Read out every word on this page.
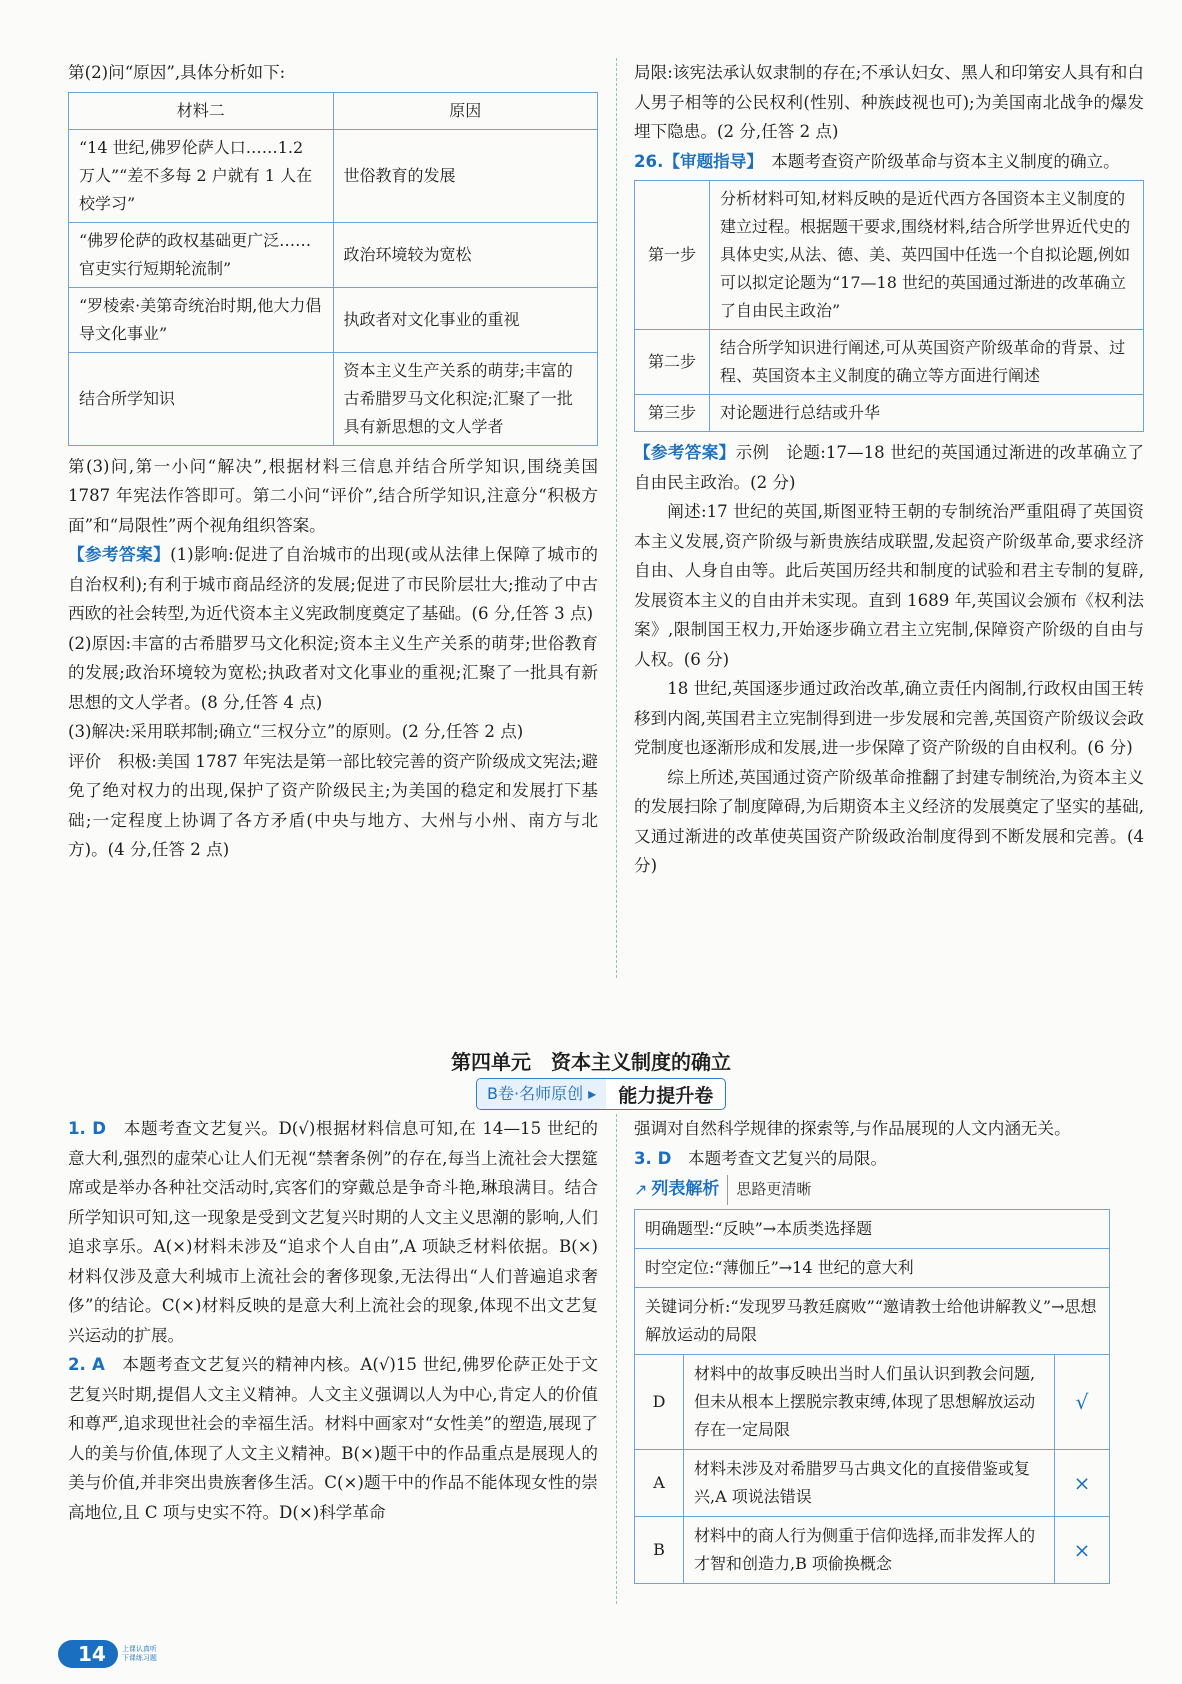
第(2)问“原因”,具体分析如下:

材料二	原因
“14 世纪,佛罗伦萨人口……1.2 万人”“差不多每 2 户就有 1 人在校学习”	世俗教育的发展
“佛罗伦萨的政权基础更广泛……官吏实行短期轮流制”	政治环境较为宽松
“罗棱索·美第奇统治时期,他大力倡导文化事业”	执政者对文化事业的重视
结合所学知识	资本主义生产关系的萌芽;丰富的古希腊罗马文化积淀;汇聚了一批具有新思想的文人学者

第(3)问,第一小问“解决”,根据材料三信息并结合所学知识,围绕美国 1787 年宪法作答即可。第二小问“评价”,结合所学知识,注意分“积极方面”和“局限性”两个视角组织答案。

【参考答案】(1)影响:促进了自治城市的出现(或从法律上保障了城市的自治权利);有利于城市商品经济的发展;促进了市民阶层壮大;推动了中古西欧的社会转型,为近代资本主义宪政制度奠定了基础。(6 分,任答 3 点)

(2)原因:丰富的古希腊罗马文化积淀;资本主义生产关系的萌芽;世俗教育的发展;政治环境较为宽松;执政者对文化事业的重视;汇聚了一批具有新思想的文人学者。(8 分,任答 4 点)

(3)解决:采用联邦制;确立“三权分立”的原则。(2 分,任答 2 点)

评价　积极:美国 1787 年宪法是第一部比较完善的资产阶级成文宪法;避免了绝对权力的出现,保护了资产阶级民主;为美国的稳定和发展打下基础;一定程度上协调了各方矛盾(中央与地方、大州与小州、南方与北方)。(4 分,任答 2 点)

局限:该宪法承认奴隶制的存在;不承认妇女、黑人和印第安人具有和白人男子相等的公民权利(性别、种族歧视也可);为美国南北战争的爆发埋下隐患。(2 分,任答 2 点)

26.【审题指导】　 本题考查资产阶级革命与资本主义制度的确立。

第一步	分析材料可知,材料反映的是近代西方各国资本主义制度的建立过程。根据题干要求,围绕材料,结合所学世界近代史的具体史实,从法、德、美、英四国中任选一个自拟论题,例如可以拟定论题为“17—18 世纪的英国通过渐进的改革确立了自由民主政治”
第二步	结合所学知识进行阐述,可从英国资产阶级革命的背景、过程、英国资本主义制度的确立等方面进行阐述
第三步	对论题进行总结或升华

【参考答案】示例　论题:17—18 世纪的英国通过渐进的改革确立了自由民主政治。(2 分)

阐述:17 世纪的英国,斯图亚特王朝的专制统治严重阻碍了英国资本主义发展,资产阶级与新贵族结成联盟,发起资产阶级革命,要求经济自由、人身自由等。此后英国历经共和制度的试验和君主专制的复辟,发展资本主义的自由并未实现。直到 1689 年,英国议会颁布《权利法案》,限制国王权力,开始逐步确立君主立宪制,保障资产阶级的自由与人权。(6 分)

18 世纪,英国逐步通过政治改革,确立责任内阁制,行政权由国王转移到内阁,英国君主立宪制得到进一步发展和完善,英国资产阶级议会政党制度也逐渐形成和发展,进一步保障了资产阶级的自由权利。(6 分)

综上所述,英国通过资产阶级革命推翻了封建专制统治,为资本主义的发展扫除了制度障碍,为后期资本主义经济的发展奠定了坚实的基础,又通过渐进的改革使英国资产阶级政治制度得到不断发展和完善。(4 分)

第四单元　资本主义制度的确立
B卷·名师原创 ▸	能力提升卷

1. D　 本题考查文艺复兴。D(√)根据材料信息可知,在 14—15 世纪的意大利,强烈的虚荣心让人们无视“禁奢条例”的存在,每当上流社会大摆筵席或是举办各种社交活动时,宾客们的穿戴总是争奇斗艳,琳琅满目。结合所学知识可知,这一现象是受到文艺复兴时期的人文主义思潮的影响,人们追求享乐。A(×)材料未涉及“追求个人自由”,A 项缺乏材料依据。B(×)材料仅涉及意大利城市上流社会的奢侈现象,无法得出“人们普遍追求奢侈”的结论。C(×)材料反映的是意大利上流社会的现象,体现不出文艺复兴运动的扩展。

2. A　 本题考查文艺复兴的精神内核。A(√)15 世纪,佛罗伦萨正处于文艺复兴时期,提倡人文主义精神。人文主义强调以人为中心,肯定人的价值和尊严,追求现世社会的幸福生活。材料中画家对“女性美”的塑造,展现了人的美与价值,体现了人文主义精神。B(×)题干中的作品重点是展现人的美与价值,并非突出贵族奢侈生活。C(×)题干中的作品不能体现女性的崇高地位,且 C 项与史实不符。D(×)科学革命

强调对自然科学规律的探索等,与作品展现的人文内涵无关。

3. D　 本题考查文艺复兴的局限。

↗ 列表解析	思路更清晰
明确题型:“反映”→本质类选择题		
时空定位:“薄伽丘”→14 世纪的意大利		
关键词分析:“发现罗马教廷腐败”“邀请教士给他讲解教义”→思想解放运动的局限		
D	材料中的故事反映出当时人们虽认识到教会问题,但未从根本上摆脱宗教束缚,体现了思想解放运动存在一定局限	√
A	材料未涉及对希腊罗马古典文化的直接借鉴或复兴,A 项说法错误	×
B	材料中的商人行为侧重于信仰选择,而非发挥人的才智和创造力,B 项偷换概念	×
14	上课认真听 下课练习题
